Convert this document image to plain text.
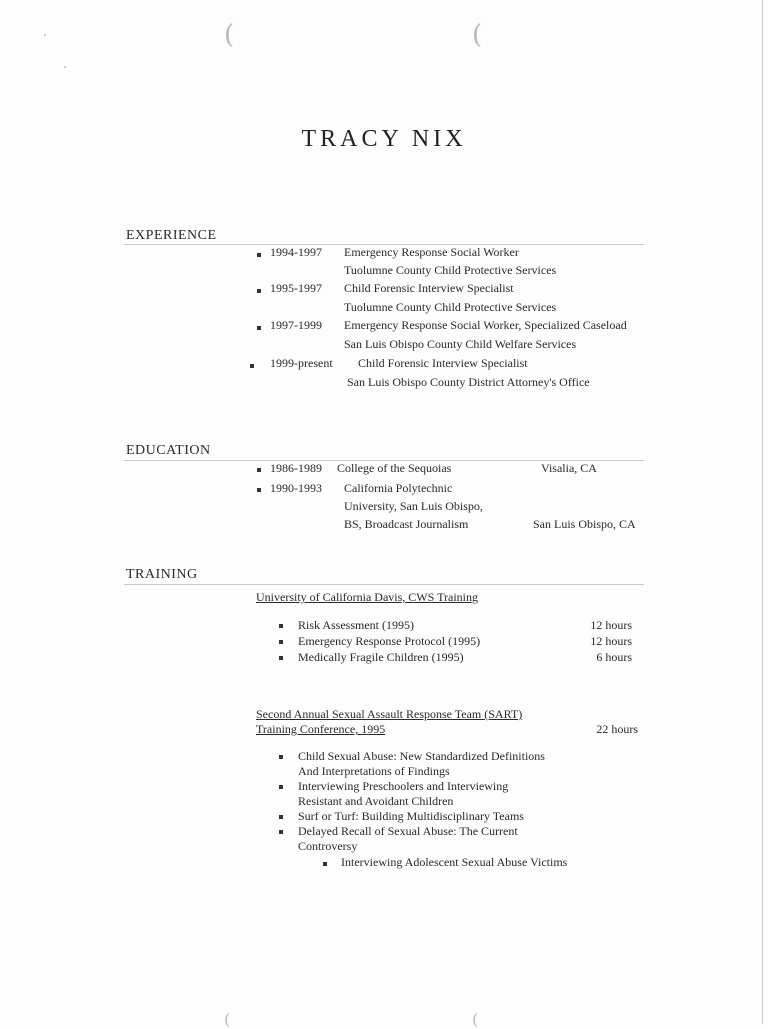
(	(
TRACY NIX
EXPERIENCE
1994-1997 Emergency Response Social Worker
Tuolumne County Child Protective Services
1995-1997 Child Forensic Interview Specialist
Tuolumne County Child Protective Services
1997-1999 Emergency Response Social Worker, Specialized Caseload
San Luis Obispo County Child Welfare Services
1999-present Child Forensic Interview Specialist
San Luis Obispo County District Attorney's Office
EDUCATION
1986-1989 College of the Sequoias	Visalia, CA
1990-1993 California Polytechnic
University, San Luis Obispo,
BS, Broadcast Journalism	San Luis Obispo, CA
TRAINING
University of California Davis, CWS Training
Risk Assessment (1995)	12 hours
Emergency Response Protocol (1995)	12 hours
Medically Fragile Children (1995)	6 hours
Second Annual Sexual Assault Response Team (SART)
Training Conference, 1995	22 hours
Child Sexual Abuse: New Standardized Definitions
And Interpretations of Findings
Interviewing Preschoolers and Interviewing
Resistant and Avoidant Children
Surf or Turf: Building Multidisciplinary Teams
Delayed Recall of Sexual Abuse: The Current
Controversy
Interviewing Adolescent Sexual Abuse Victims
(	(
